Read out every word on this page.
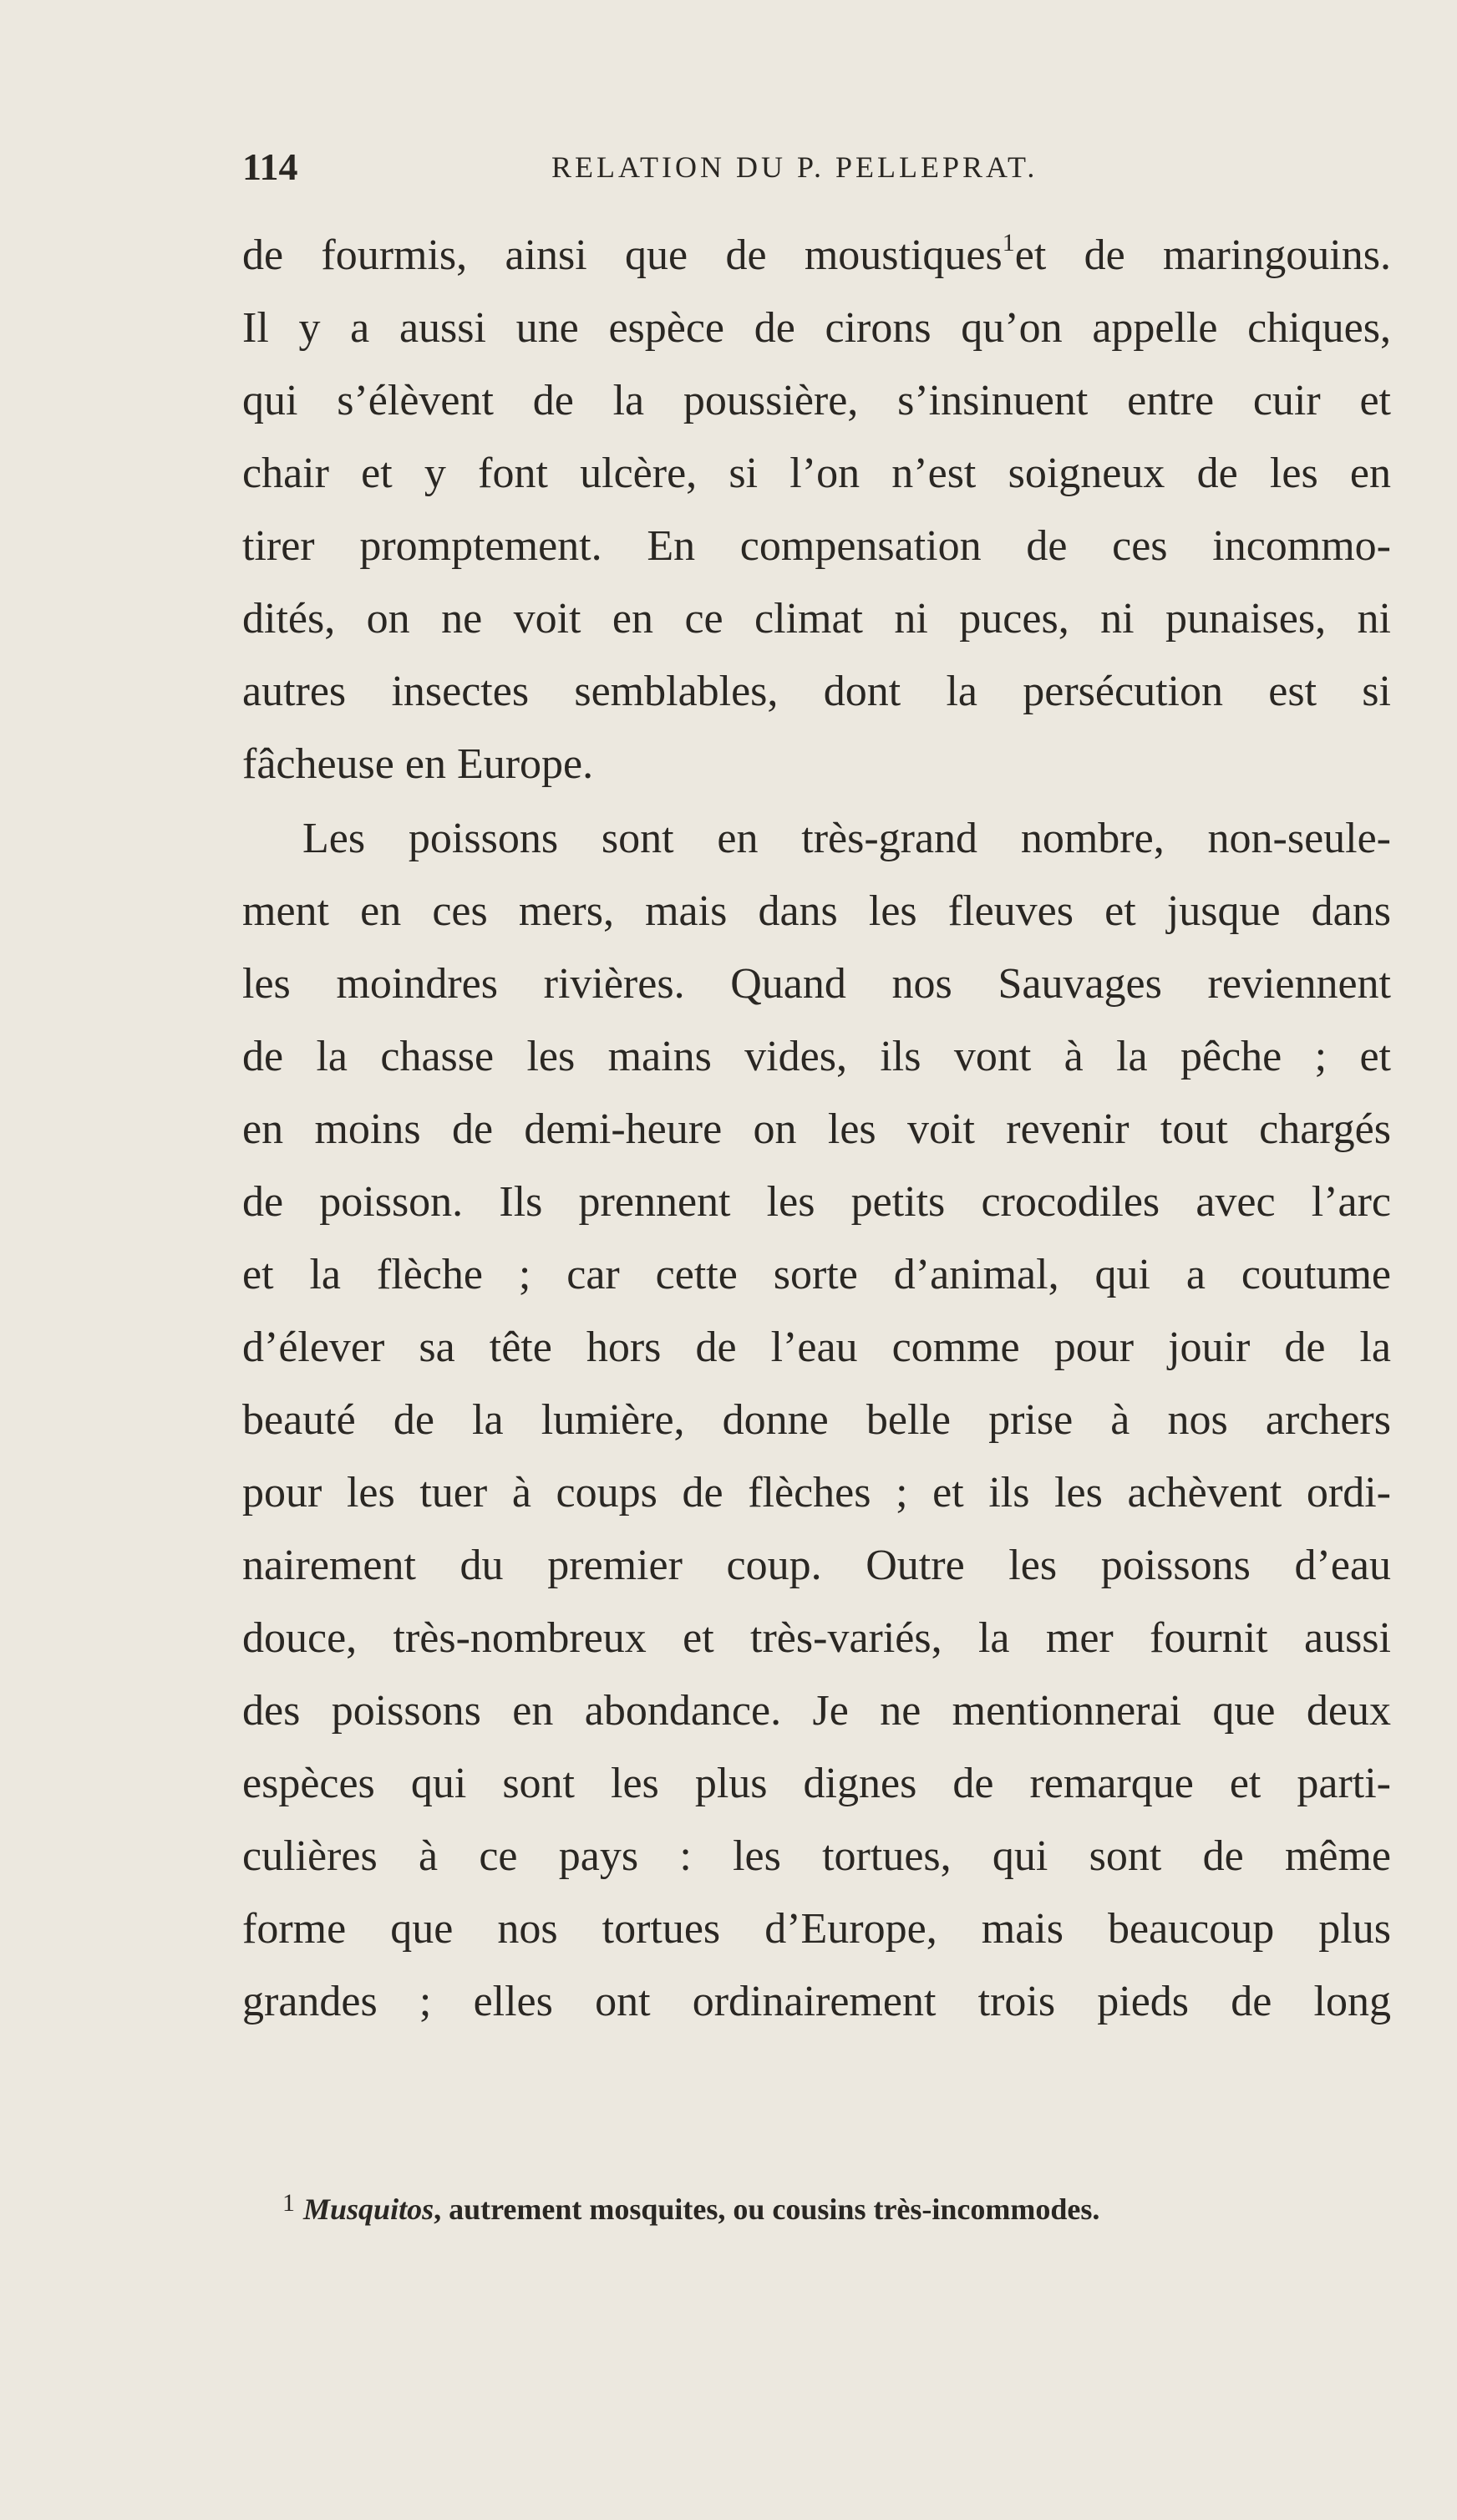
114	RELATION DU P. PELLEPRAT.
de fourmis, ainsi que de moustiques$^1$et de maringouins.
Il y a aussi une espèce de cirons qu’on appelle chiques,
qui s’élèvent de la poussière, s’insinuent entre cuir et
chair et y font ulcère, si l’on n’est soigneux de les en
tirer promptement. En compensation de ces incommo-
dités, on ne voit en ce climat ni puces, ni punaises, ni
autres insectes semblables, dont la persécution est si
fâcheuse en Europe.
Les poissons sont en très-grand nombre, non-seule-
ment en ces mers, mais dans les fleuves et jusque dans
les moindres rivières. Quand nos Sauvages reviennent
de la chasse les mains vides, ils vont à la pêche ; et
en moins de demi-heure on les voit revenir tout chargés
de poisson. Ils prennent les petits crocodiles avec l’arc
et la flèche ; car cette sorte d’animal, qui a coutume
d’élever sa tête hors de l’eau comme pour jouir de la
beauté de la lumière, donne belle prise à nos archers
pour les tuer à coups de flèches ; et ils les achèvent ordi-
nairement du premier coup. Outre les poissons d’eau
douce, très-nombreux et très-variés, la mer fournit aussi
des poissons en abondance. Je ne mentionnerai que deux
espèces qui sont les plus dignes de remarque et parti-
culières à ce pays : les tortues, qui sont de même
forme que nos tortues d’Europe, mais beaucoup plus
grandes ; elles ont ordinairement trois pieds de long
$^1$ Musquitos, autrement mosquites, ou cousins très-incommodes.
